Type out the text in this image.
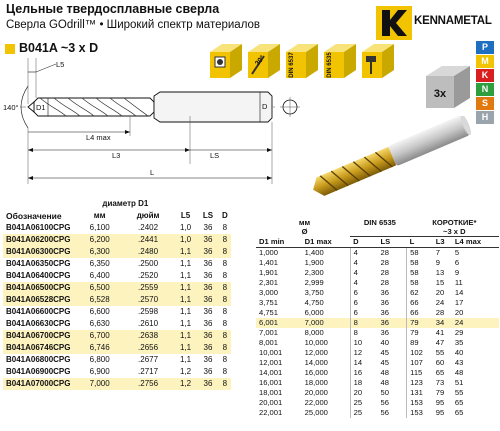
Цельные твердосплавные сверла
Сверла GOdrill™ • Широкий спектр материалов	KENNAMETAL
B041A ~3 x D
30°	DIN 6537	DIN 6535
3x
P
M
K
N
S
H
140° D1	D
L5
L4 max
L3	LS
L
	диаметр D1				
Обозначение	мм	дюйм	L5	LS	D
B041A06100CPG	6,100	.2402	1,0	36	8
B041A06200CPG	6,200	.2441	1,0	36	8
B041A06300CPG	6,300	.2480	1,1	36	8
B041A06350CPG	6,350	.2500	1,1	36	8
B041A06400CPG	6,400	.2520	1,1	36	8
B041A06500CPG	6,500	.2559	1,1	36	8
B041A06528CPG	6,528	.2570	1,1	36	8
B041A06600CPG	6,600	.2598	1,1	36	8
B041A06630CPG	6,630	.2610	1,1	36	8
B041A06700CPG	6,700	.2638	1,1	36	8
B041A06746CPG	6,746	.2656	1,1	36	8
B041A06800CPG	6,800	.2677	1,1	36	8
B041A06900CPG	6,900	.2717	1,2	36	8
B041A07000CPG	7,000	.2756	1,2	36	8
мм
Ø		DIN 6535		КОРОТКИЕ*
~3 x D		
D1 min	D1 max	D	LS	L	L3	L4 max
1,000	1,400	4	28	58	7	5
1,401	1,900	4	28	58	9	6
1,901	2,300	4	28	58	13	9
2,301	2,999	4	28	58	15	11
3,000	3,750	6	36	62	20	14
3,751	4,750	6	36	66	24	17
4,751	6,000	6	36	66	28	20
6,001	7,000	8	36	79	34	24
7,001	8,000	8	36	79	41	29
8,001	10,000	10	40	89	47	35
10,001	12,000	12	45	102	55	40
12,001	14,000	14	45	107	60	43
14,001	16,000	16	48	115	65	48
16,001	18,000	18	48	123	73	51
18,001	20,000	20	50	131	79	55
20,001	22,000	25	56	153	95	65
22,001	25,000	25	56	153	95	65
